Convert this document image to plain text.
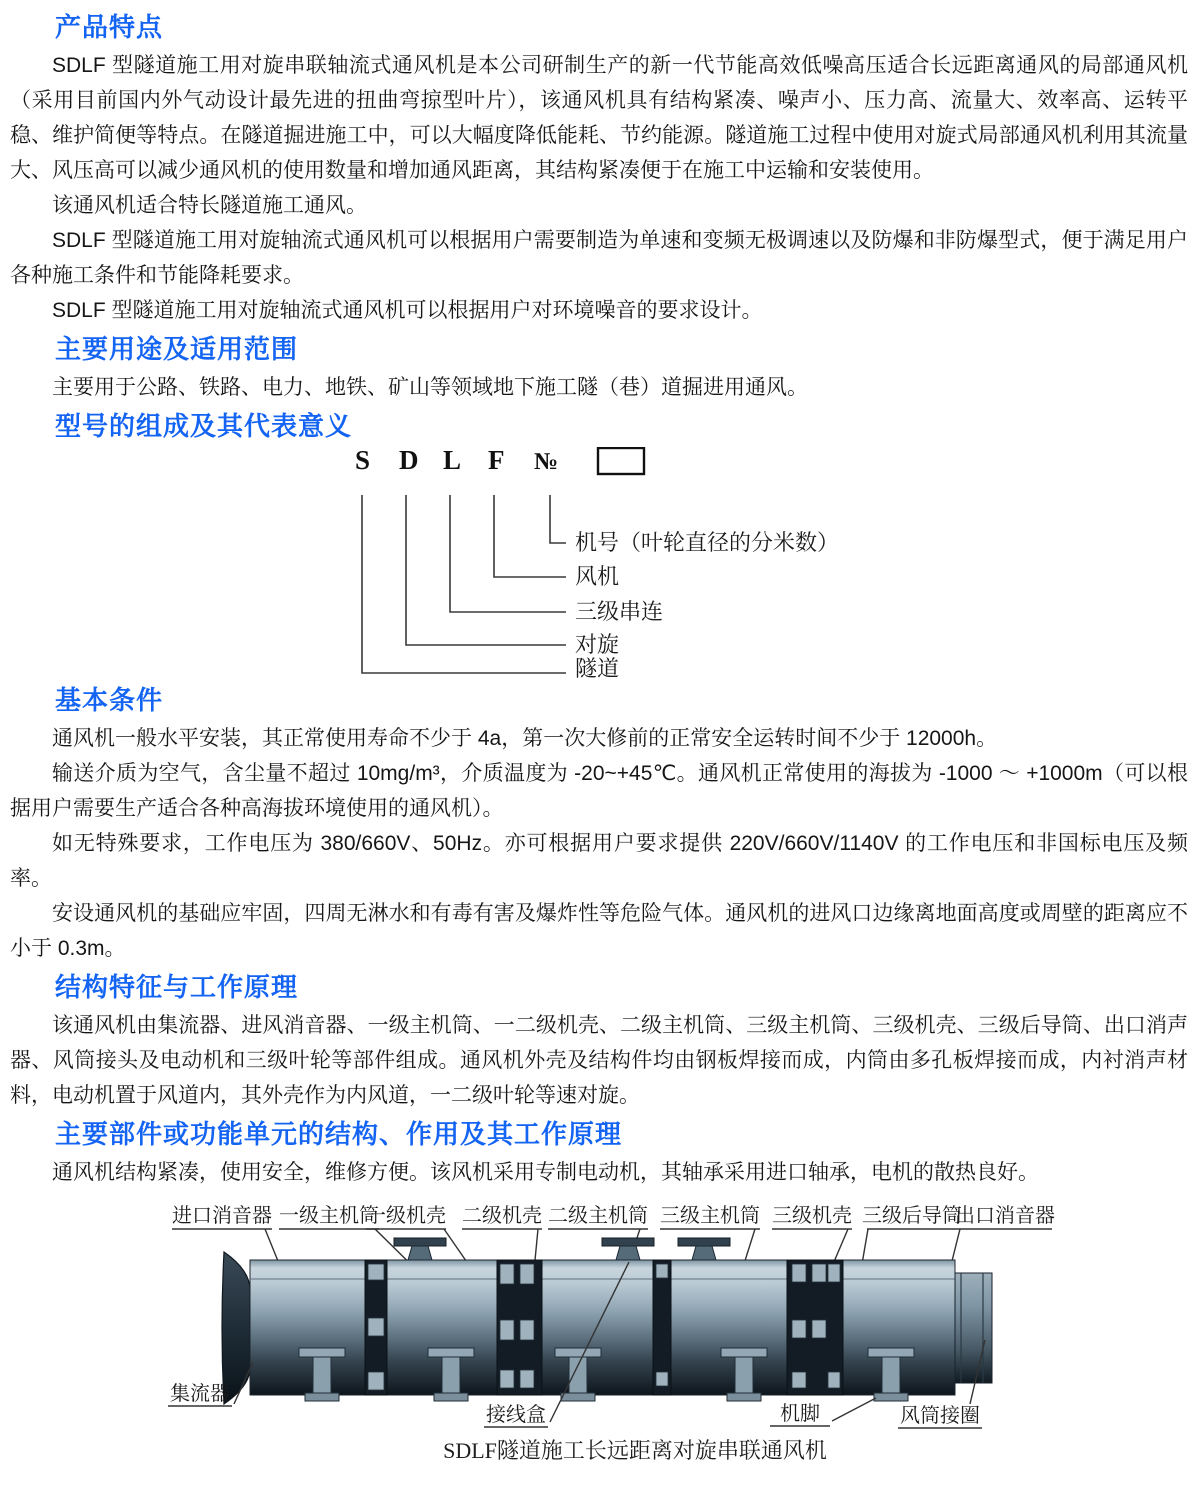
产品特点

SDLF 型隧道施工用对旋串联轴流式通风机是本公司研制生产的新一代节能高效低噪高压适合长远距离通风的局部通风机（采用目前国内外气动设计最先进的扭曲弯掠型叶片），该通风机具有结构紧凑、噪声小、压力高、流量大、效率高、运转平稳、维护简便等特点。在隧道掘进施工中，可以大幅度降低能耗、节约能源。隧道施工过程中使用对旋式局部通风机利用其流量大、风压高可以减少通风机的使用数量和增加通风距离，其结构紧凑便于在施工中运输和安装使用。

该通风机适合特长隧道施工通风。

SDLF 型隧道施工用对旋轴流式通风机可以根据用户需要制造为单速和变频无极调速以及防爆和非防爆型式，便于满足用户各种施工条件和节能降耗要求。

SDLF 型隧道施工用对旋轴流式通风机可以根据用户对环境噪音的要求设计。

主要用途及适用范围

主要用于公路、铁路、电力、地铁、矿山等领域地下施工隧（巷）道掘进用通风。

型号的组成及其代表意义
S D L F №
机号（叶轮直径的分米数）
风机
三级串连
对旋
隧道
基本条件

通风机一般水平安装，其正常使用寿命不少于 4a，第一次大修前的正常安全运转时间不少于 12000h。

输送介质为空气，含尘量不超过 10mg/m³，介质温度为 -20~+45℃。通风机正常使用的海拔为 -1000 ～ +1000m（可以根据用户需要生产适合各种高海拔环境使用的通风机）。

如无特殊要求，工作电压为 380/660V、50Hz。亦可根据用户要求提供 220V/660V/1140V 的工作电压和非国标电压及频率。

安设通风机的基础应牢固，四周无淋水和有毒有害及爆炸性等危险气体。通风机的进风口边缘离地面高度或周壁的距离应不小于 0.3m。

结构特征与工作原理

该通风机由集流器、进风消音器、一级主机筒、一二级机壳、二级主机筒、三级主机筒、三级机壳、三级后导筒、出口消声器、风筒接头及电动机和三级叶轮等部件组成。通风机外壳及结构件均由钢板焊接而成，内筒由多孔板焊接而成，内衬消声材料，电动机置于风道内，其外壳作为内风道，一二级叶轮等速对旋。

主要部件或功能单元的结构、作用及其工作原理

通风机结构紧凑，使用安全，维修方便。该风机采用专制电动机，其轴承采用进口轴承，电机的散热良好。

进口消音器 一级主机筒
一级机壳 二级机壳 二级主机筒 三级主机筒 三级机壳 三级后导筒
出口消音器
集流器
接线盒	机脚	风筒接圈
SDLF隧道施工长远距离对旋串联通风机
